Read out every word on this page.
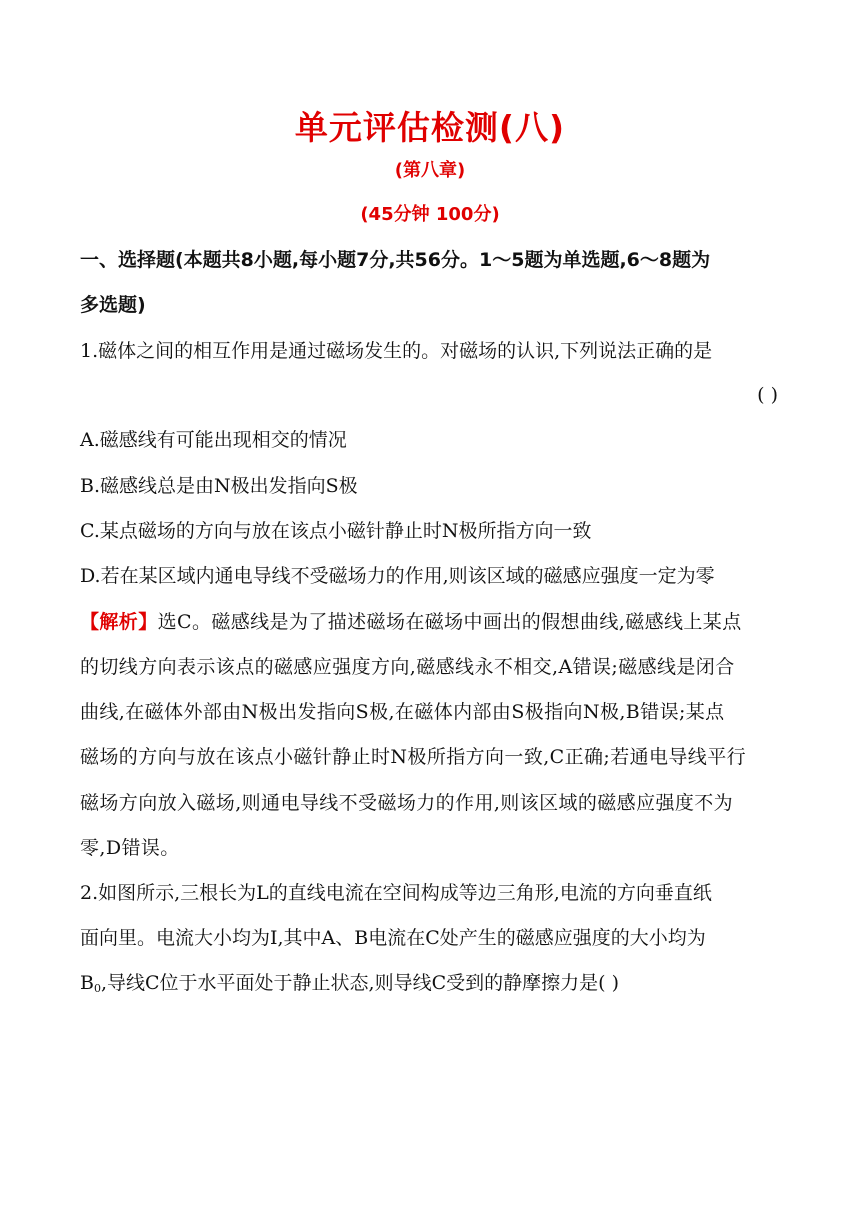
单元评估检测(八)
(第八章)
(45分钟 100分)
一、选择题(本题共8小题,每小题7分,共56分。1～5题为单选题,6～8题为
多选题)
1.磁体之间的相互作用是通过磁场发生的。对磁场的认识,下列说法正确的是
( )
A.磁感线有可能出现相交的情况
B.磁感线总是由N极出发指向S极
C.某点磁场的方向与放在该点小磁针静止时N极所指方向一致
D.若在某区域内通电导线不受磁场力的作用,则该区域的磁感应强度一定为零
【解析】选C。磁感线是为了描述磁场在磁场中画出的假想曲线,磁感线上某点
的切线方向表示该点的磁感应强度方向,磁感线永不相交,A错误;磁感线是闭合
曲线,在磁体外部由N极出发指向S极,在磁体内部由S极指向N极,B错误;某点
磁场的方向与放在该点小磁针静止时N极所指方向一致,C正确;若通电导线平行
磁场方向放入磁场,则通电导线不受磁场力的作用,则该区域的磁感应强度不为
零,D错误。
2.如图所示,三根长为L的直线电流在空间构成等边三角形,电流的方向垂直纸
面向里。电流大小均为I,其中A、B电流在C处产生的磁感应强度的大小均为
$B_0$,导线C位于水平面处于静止状态,则导线C受到的静摩擦力是( )
